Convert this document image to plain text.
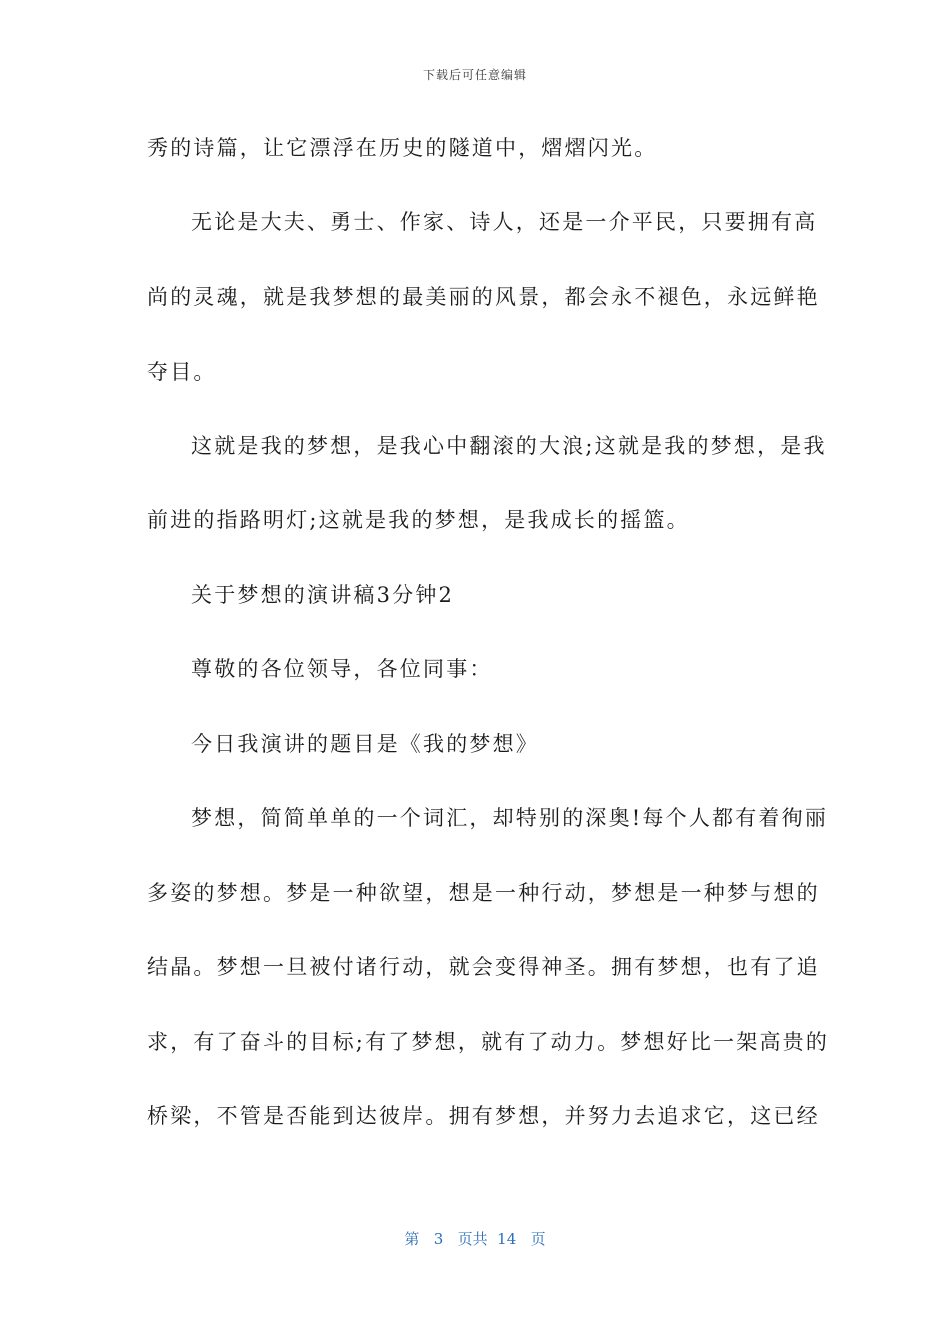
下载后可任意编辑
秀的诗篇，让它漂浮在历史的隧道中，熠熠闪光。
无论是大夫、勇士、作家、诗人，还是一介平民，只要拥有高
尚的灵魂，就是我梦想的最美丽的风景，都会永不褪色，永远鲜艳
夺目。
这就是我的梦想，是我心中翻滚的大浪;这就是我的梦想，是我
前进的指路明灯;这就是我的梦想，是我成长的摇篮。
关于梦想的演讲稿3分钟2
尊敬的各位领导，各位同事：
今日我演讲的题目是《我的梦想》
梦想，简简单单的一个词汇，却特别的深奥!每个人都有着徇丽
多姿的梦想。梦是一种欲望，想是一种行动，梦想是一种梦与想的
结晶。梦想一旦被付诸行动，就会变得神圣。拥有梦想，也有了追
求，有了奋斗的目标;有了梦想，就有了动力。梦想好比一架高贵的
桥梁，不管是否能到达彼岸。拥有梦想，并努力去追求它，这已经
第 3 页共 14 页
